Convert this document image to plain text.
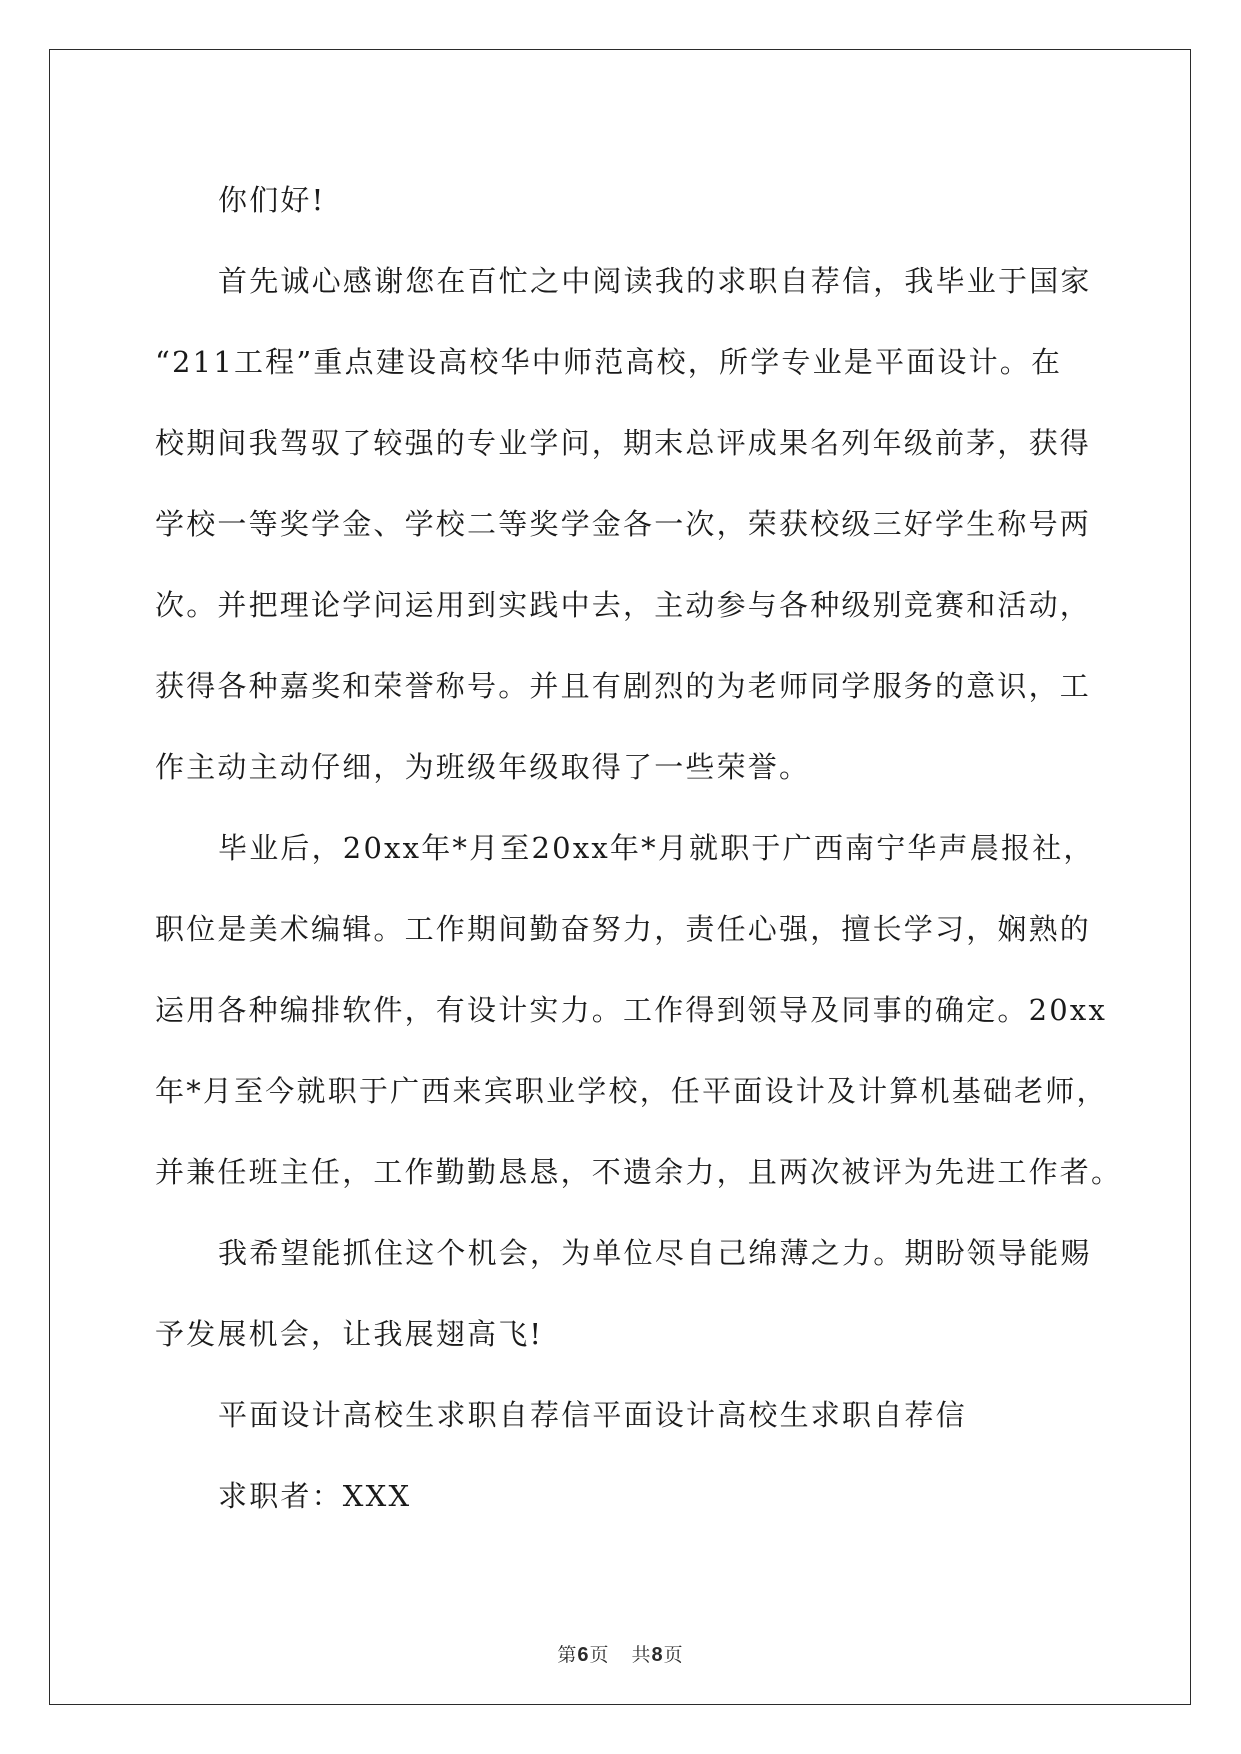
你们好!
首先诚心感谢您在百忙之中阅读我的求职自荐信，我毕业于国家
“211工程”重点建设高校华中师范高校，所学专业是平面设计。在
校期间我驾驭了较强的专业学问，期末总评成果名列年级前茅，获得
学校一等奖学金、学校二等奖学金各一次，荣获校级三好学生称号两
次。并把理论学问运用到实践中去，主动参与各种级别竞赛和活动，
获得各种嘉奖和荣誉称号。并且有剧烈的为老师同学服务的意识，工
作主动主动仔细，为班级年级取得了一些荣誉。
毕业后，20xx年*月至20xx年*月就职于广西南宁华声晨报社，
职位是美术编辑。工作期间勤奋努力，责任心强，擅长学习，娴熟的
运用各种编排软件，有设计实力。工作得到领导及同事的确定。20xx
年*月至今就职于广西来宾职业学校，任平面设计及计算机基础老师，
并兼任班主任，工作勤勤恳恳，不遗余力，且两次被评为先进工作者。
我希望能抓住这个机会，为单位尽自己绵薄之力。期盼领导能赐
予发展机会，让我展翅高飞!
平面设计高校生求职自荐信平面设计高校生求职自荐信
求职者：XXX
第6页 共8页
